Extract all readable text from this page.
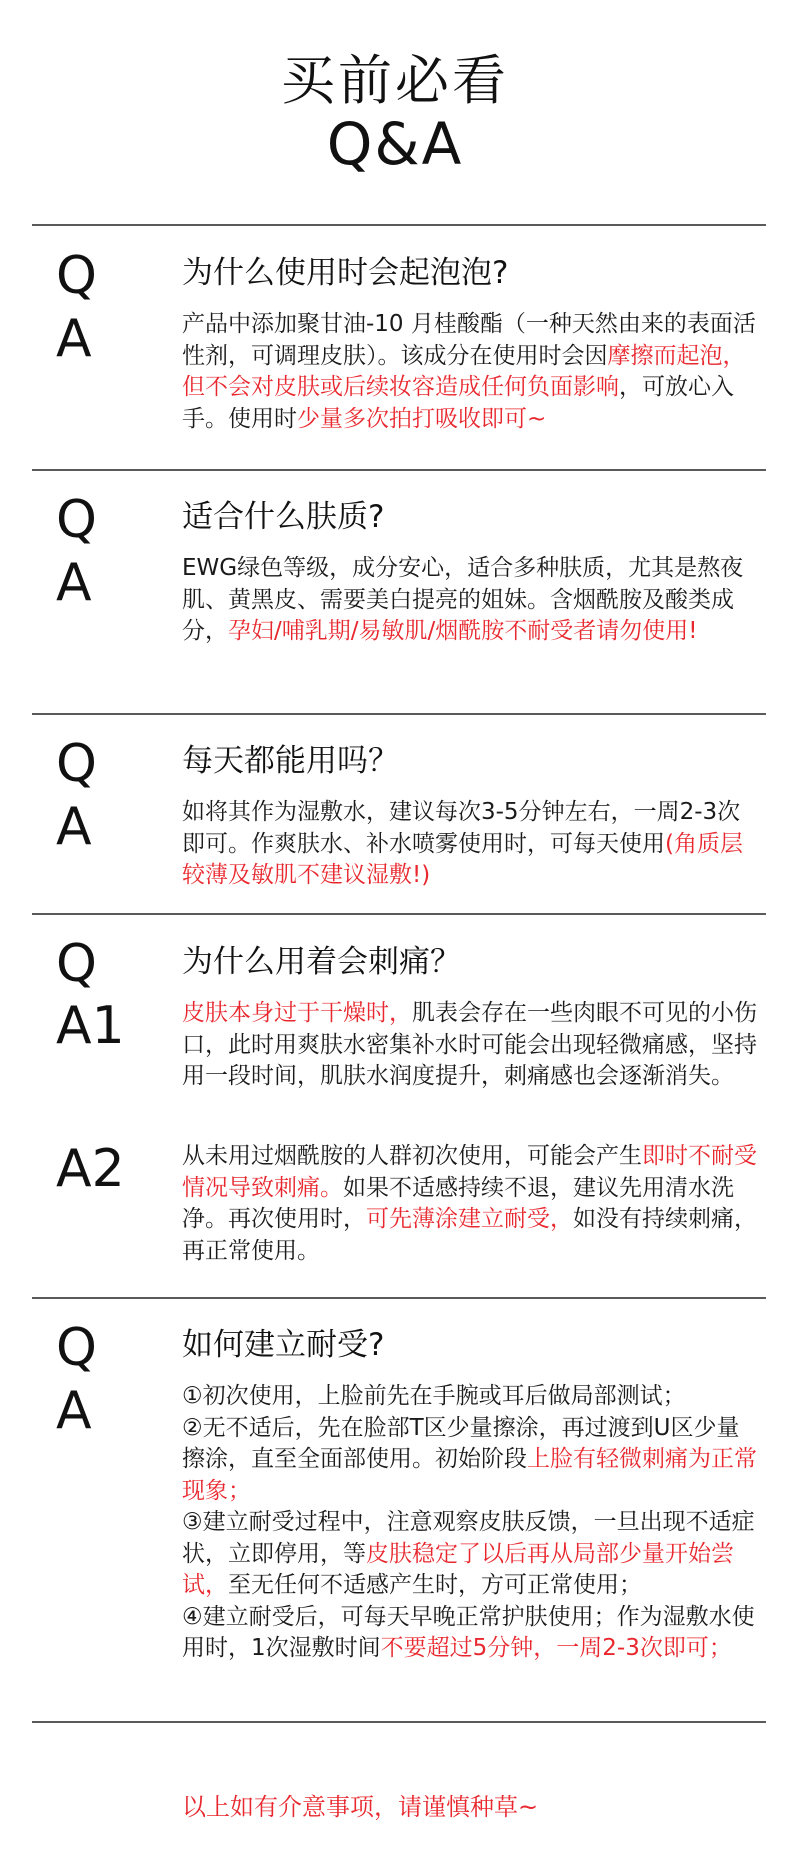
买前必看
Q&A
Q	为什么使用时会起泡泡?
A	产品中添加聚甘油-10 月桂酸酯（一种天然由来的表面活性剂，可调理皮肤）。该成分在使用时会因摩擦而起泡，但不会对皮肤或后续妆容造成任何负面影响，可放心入手。使用时少量多次拍打吸收即可~
Q	适合什么肤质?
A	EWG绿色等级，成分安心，适合多种肤质，尤其是熬夜肌、黄黑皮、需要美白提亮的姐妹。含烟酰胺及酸类成分，孕妇/哺乳期/易敏肌/烟酰胺不耐受者请勿使用!
Q	每天都能用吗？
A	如将其作为湿敷水，建议每次3-5分钟左右，一周2-3次即可。作爽肤水、补水喷雾使用时，可每天使用(角质层较薄及敏肌不建议湿敷!)
Q	为什么用着会刺痛？
A1 皮肤本身过于干燥时，肌表会存在一些肉眼不可见的小伤口，此时用爽肤水密集补水时可能会出现轻微痛感，坚持用一段时间，肌肤水润度提升，刺痛感也会逐渐消失。
A2 从未用过烟酰胺的人群初次使用，可能会产生即时不耐受情况导致刺痛。如果不适感持续不退，建议先用清水洗净。再次使用时，可先薄涂建立耐受，如没有持续刺痛，再正常使用。
Q	如何建立耐受?
A	①初次使用，上脸前先在手腕或耳后做局部测试；

②无不适后，先在脸部T区少量擦涂，再过渡到U区少量擦涂，直至全面部使用。初始阶段上脸有轻微刺痛为正常现象；

③建立耐受过程中，注意观察皮肤反馈，一旦出现不适症状，立即停用，等皮肤稳定了以后再从局部少量开始尝试，至无任何不适感产生时，方可正常使用；

④建立耐受后，可每天早晚正常护肤使用；作为湿敷水使用时，1次湿敷时间不要超过5分钟，一周2-3次即可；

以上如有介意事项，请谨慎种草~
